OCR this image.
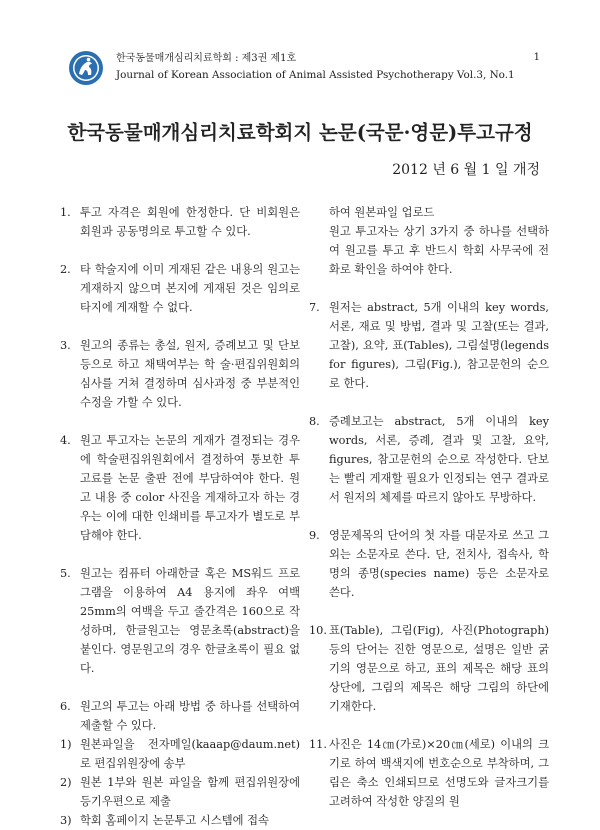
한국동물매개심리치료학회 : 제3권 제1호
Journal of Korean Association of Animal Assisted Psychotherapy Vol.3, No.1
1
한국동물매개심리치료학회지 논문(국문·영문)투고규정
2012 년 6 월 1 일 개정
1. 투고 자격은 회원에 한정한다. 단 비회원은 회원과 공동명의로 투고할 수 있다.
2. 타 학술지에 이미 게재된 같은 내용의 원고는 게재하지 않으며 본지에 게재된 것은 임의로 타지에 게재할 수 없다.
3. 원고의 종류는 총설, 원저, 증례보고 및 단보 등으로 하고 채택여부는 학 술·편집위원회의 심사를 거쳐 결정하며 심사과정 중 부분적인 수정을 가할 수 있다.
4. 원고 투고자는 논문의 게재가 결정되는 경우에 학술편집위원회에서 결정하여 통보한 투고료를 논문 출판 전에 부담하여야 한다. 원고 내용 중 color 사진을 게재하고자 하는 경우는 이에 대한 인쇄비를 투고자가 별도로 부담해야 한다.
5. 원고는 컴퓨터 아래한글 혹은 MS워드 프로그램을 이용하여 A4 용지에 좌우 여백 25mm의 여백을 두고 줄간격은 160으로 작성하며, 한글원고는 영문초록(abstract)을 붙인다. 영문원고의 경우 한글초록이 필요 없다.
6. 원고의 투고는 아래 방법 중 하나를 선택하여 제출할 수 있다.
1) 원본파일을 전자메일(kaaap@daum.net)로 편집위원장에 송부
2) 원본 1부와 원본 파일을 함께 편집위원장에 등기우편으로 제출
3) 학회 홈페이지 논문투고 시스템에 접속
하여 원본파일 업로드
원고 투고자는 상기 3가지 중 하나를 선택하여 원고를 투고 후 반드시 학회 사무국에 전화로 확인을 하여야 한다.
7. 원저는 abstract, 5개 이내의 key words, 서론, 재료 및 방법, 결과 및 고찰(또는 결과, 고찰), 요약, 표(Tables), 그림설명(legends for figures), 그림(Fig.), 참고문헌의 순으로 한다.
8. 증례보고는 abstract, 5개 이내의 key words, 서론, 증례, 결과 및 고찰, 요약, figures, 참고문헌의 순으로 작성한다. 단보는 빨리 게재할 필요가 인정되는 연구 결과로서 원저의 체제를 따르지 않아도 무방하다.
9. 영문제목의 단어의 첫 자를 대문자로 쓰고 그 외는 소문자로 쓴다. 단, 전치사, 접속사, 학명의 종명(species name) 등은 소문자로 쓴다.
10. 표(Table), 그림(Fig), 사진(Photograph)등의 단어는 진한 영문으로, 설명은 일반 굵기의 영문으로 하고, 표의 제목은 해당 표의 상단에, 그림의 제목은 해당 그림의 하단에 기재한다.
11. 사진은 14㎝(가로)×20㎝(세로) 이내의 크기로 하여 백색지에 번호순으로 부착하며, 그림은 축소 인쇄되므로 선명도와 글자크기를 고려하여 작성한 양질의 원
